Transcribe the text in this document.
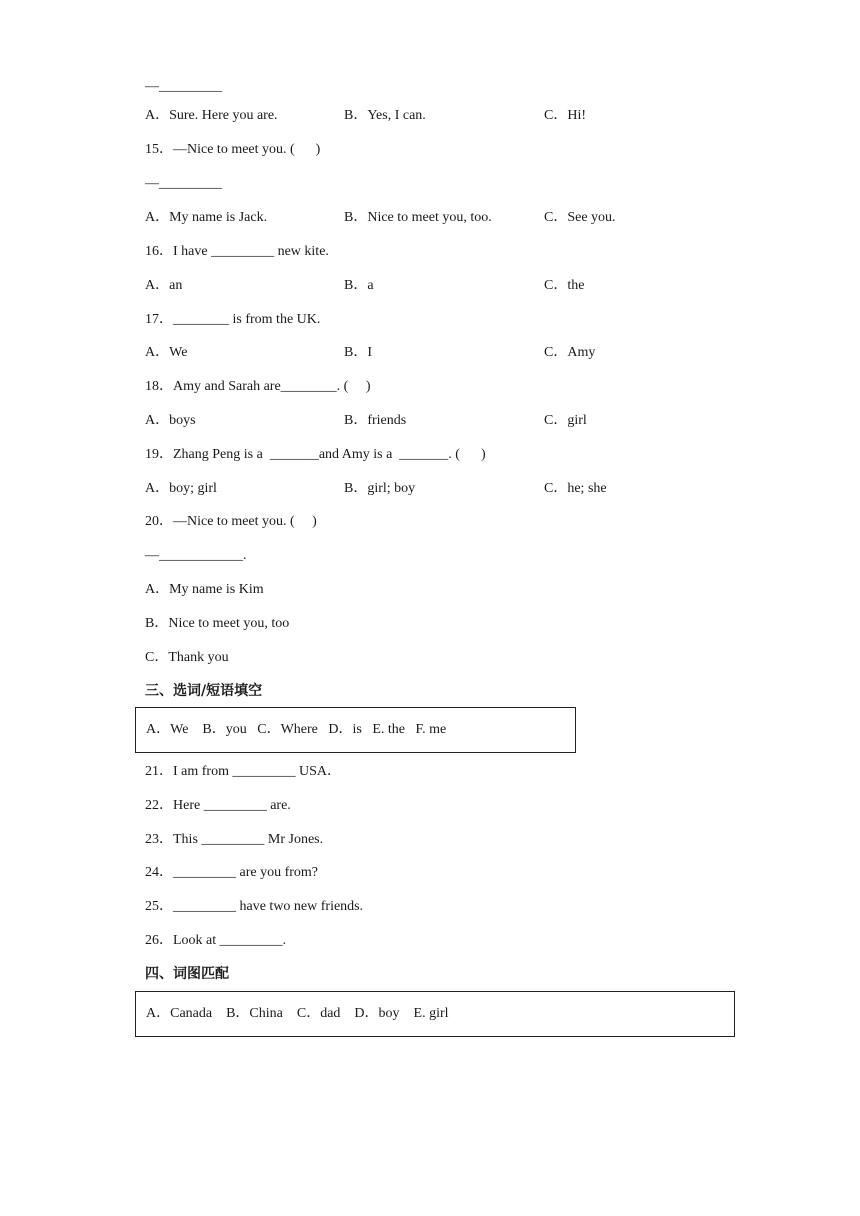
—_________
A．Sure. Here you are.	B．Yes, I can.	C．Hi!
15．—Nice to meet you. (      )
—_________
A．My name is Jack.	B．Nice to meet you, too.	C．See you.
16．I have _________ new kite.
A．an	B．a	C．the
17．________ is from the UK.
A．We	B．I	C．Amy
18．Amy and Sarah are________. (     )
A．boys	B．friends	C．girl
19．Zhang Peng is a  _______and Amy is a  _______. (      )
A．boy; girl	B．girl; boy	C．he; she
20．—Nice to meet you. (     )
—____________.
A．My name is Kim
B．Nice to meet you, too
C．Thank you
三、选词/短语填空
A．We    B．you   C．Where   D．is   E. the   F. me
21．I am from _________ USA．
22．Here _________ are.
23．This _________ Mr Jones.
24．_________ are you from?
25．_________ have two new friends.
26．Look at _________.
四、词图匹配
A．Canada    B．China    C．dad    D．boy    E. girl
